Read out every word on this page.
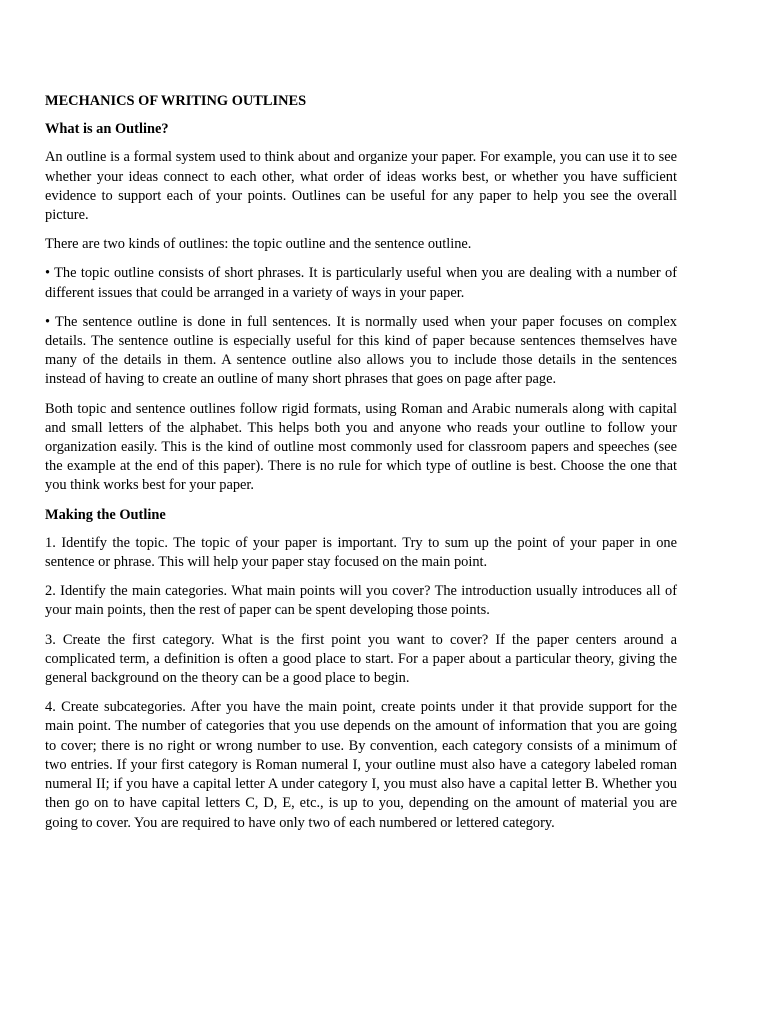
MECHANICS OF WRITING OUTLINES
What is an Outline?
An outline is a formal system used to think about and organize your paper. For example, you can use it to see whether your ideas connect to each other, what order of ideas works best, or whether you have sufficient evidence to support each of your points. Outlines can be useful for any paper to help you see the overall picture.
There are two kinds of outlines: the topic outline and the sentence outline.
• The topic outline consists of short phrases. It is particularly useful when you are dealing with a number of different issues that could be arranged in a variety of ways in your paper.
• The sentence outline is done in full sentences. It is normally used when your paper focuses on complex details. The sentence outline is especially useful for this kind of paper because sentences themselves have many of the details in them. A sentence outline also allows you to include those details in the sentences instead of having to create an outline of many short phrases that goes on page after page.
Both topic and sentence outlines follow rigid formats, using Roman and Arabic numerals along with capital and small letters of the alphabet. This helps both you and anyone who reads your outline to follow your organization easily. This is the kind of outline most commonly used for classroom papers and speeches (see the example at the end of this paper). There is no rule for which type of outline is best. Choose the one that you think works best for your paper.
Making the Outline
1. Identify the topic. The topic of your paper is important. Try to sum up the point of your paper in one sentence or phrase. This will help your paper stay focused on the main point.
2. Identify the main categories. What main points will you cover? The introduction usually introduces all of your main points, then the rest of paper can be spent developing those points.
3. Create the first category. What is the first point you want to cover? If the paper centers around a complicated term, a definition is often a good place to start. For a paper about a particular theory, giving the general background on the theory can be a good place to begin.
4. Create subcategories. After you have the main point, create points under it that provide support for the main point. The number of categories that you use depends on the amount of information that you are going to cover; there is no right or wrong number to use. By convention, each category consists of a minimum of two entries. If your first category is Roman numeral I, your outline must also have a category labeled roman numeral II; if you have a capital letter A under category I, you must also have a capital letter B. Whether you then go on to have capital letters C, D, E, etc., is up to you, depending on the amount of material you are going to cover. You are required to have only two of each numbered or lettered category.
